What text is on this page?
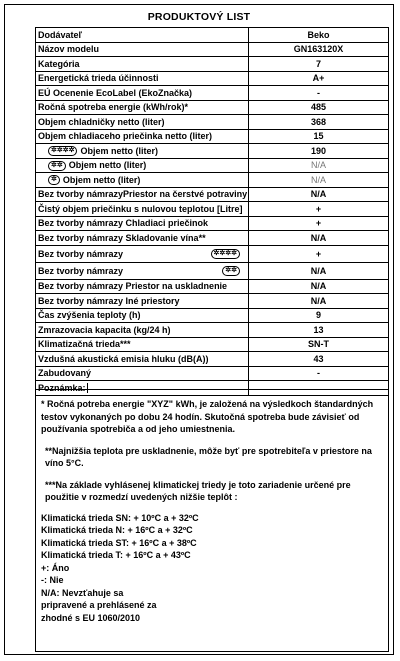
PRODUKTOVÝ LIST
Dodávateľ	Beko
Názov modelu	GN163120X
Kategória	7
Energetická trieda účinnosti	A+
EÚ Ocenenie EcoLabel (EkoZnačka)	-
Ročná spotreba energie (kWh/rok)*	485
Objem chladničky netto (liter)	368
Objem chladiaceho priečinka netto (liter)	15
✲✲✲✲ Objem netto (liter)	190
✲✲ Objem netto (liter)	N/A
✲ Objem netto (liter)	N/A
Bez tvorby námrazyPriestor na čerstvé potraviny	N/A
Čistý objem priečinku s nulovou teplotou [Litre]	+
Bez tvorby námrazy Chladiaci priečinok	+
Bez tvorby námrazy Skladovanie vína**	N/A
Bez tvorby námrazy ✲✲✲✲	+
Bez tvorby námrazy ✲✲	N/A
Bez tvorby námrazy Priestor na uskladnenie	N/A
Bez tvorby námrazy Iné priestory	N/A
Čas zvýšenia teploty (h)	9
Zmrazovacia kapacita (kg/24 h)	13
Klimatizačná trieda***	SN-T
Vzdušná akustická emisia hluku (dB(A))	43
Zabudovaný	-
Poznámka:	

* Ročná potreba energie "XYZ" kWh, je založená na výsledkoch štandardných testov vykonaných po dobu 24 hodín. Skutočná spotreba bude závisieť od používania spotrebiča a od jeho umiestnenia.

**Najnižšia teplota pre uskladnenie, môže byť pre spotrebiteľa v priestore na víno 5°C.

***Na základe vyhlásenej klimatickej triedy je toto zariadenie určené pre použitie v rozmedzí uvedených nižšie teplôt :

Klimatická trieda SN: + 10ºC a + 32ºC

Klimatická trieda N: + 16ºC a + 32ºC

Klimatická trieda ST: + 16ºC a + 38ºC

Klimatická trieda T: + 16ºC a + 43ºC

+: Áno

-: Nie

N/A: Nevzťahuje sa

pripravené a prehlásené za

zhodné s EU 1060/2010
